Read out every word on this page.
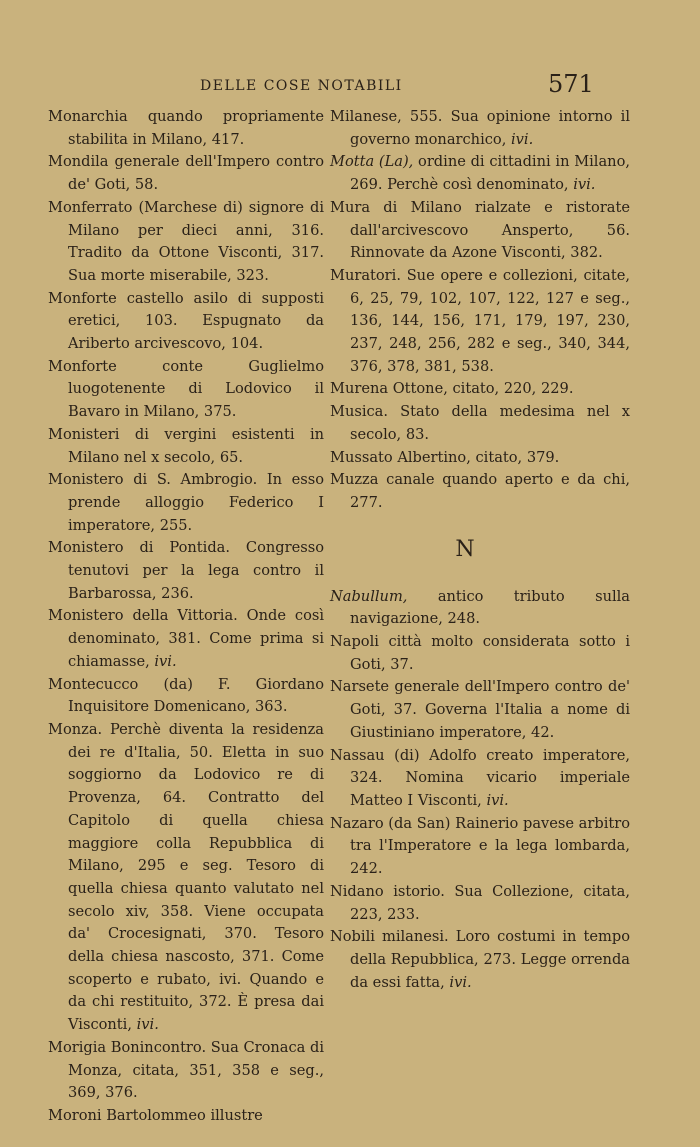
DELLE COSE NOTABILI	571
Monarchia quando propriamente stabilita in Milano, 417.
Mondila generale dell'Impero contro de' Goti, 58.
Monferrato (Marchese di) signore di Milano per dieci anni, 316. Tradito da Ottone Visconti, 317. Sua morte miserabile, 323.
Monforte castello asilo di supposti eretici, 103. Espugnato da Ariberto arcivescovo, 104.
Monforte	conte Guglielmo luogotenente di Lodovico il Bavaro in Milano, 375.
Monisteri di vergini esistenti in Milano nel x secolo, 65.
Monistero di S. Ambrogio. In esso prende alloggio Federico I imperatore, 255.
Monistero di Pontida. Congresso tenutovi per la lega contro il Barbarossa, 236.
Monistero della Vittoria. Onde così denominato, 381. Come prima si chiamasse, ivi.
Montecucco (da) F. Giordano Inquisitore Domenicano, 363.
Monza. Perchè diventa la residenza dei re d'Italia, 50. Eletta in suo soggiorno da Lodovico re di Provenza, 64. Contratto del Capitolo di quella chiesa maggiore colla Repubblica di Milano, 295 e seg. Tesoro di quella chiesa quanto valutato nel secolo xiv, 358. Viene occupata da' Crocesignati, 370. Tesoro della chiesa nascosto, 371. Come scoperto e rubato, ivi. Quando e da chi restituito, 372. È presa dai Visconti, ivi.
Morigia Bonincontro. Sua Cronaca di Monza, citata, 351, 358 e seg., 369, 376.
Moroni Bartolommeo illustre
Milanese, 555. Sua opinione intorno il governo monarchico, ivi.
Motta (La), ordine di cittadini in Milano, 269. Perchè così denominato, ivi.
Mura di Milano rialzate e ristorate dall'arcivescovo Ansperto, 56. Rinnovate da Azone Visconti, 382.
Muratori. Sue opere e collezioni, citate, 6, 25, 79, 102, 107, 122, 127 e seg., 136, 144, 156, 171, 179, 197, 230, 237, 248, 256, 282 e seg., 340, 344, 376, 378, 381, 538.
Murena Ottone, citato, 220, 229.
Musica. Stato della medesima nel x secolo, 83.
Mussato Albertino, citato, 379.
Muzza canale quando aperto e da chi, 277.
N
Nabullum, antico tributo sulla navigazione, 248.
Napoli città molto considerata sotto i Goti, 37.
Narsete generale dell'Impero contro de' Goti, 37. Governa l'Italia a nome di Giustiniano imperatore, 42.
Nassau (di) Adolfo creato imperatore, 324. Nomina vicario imperiale Matteo I Visconti, ivi.
Nazaro (da San) Rainerio pavese arbitro tra l'Imperatore e la lega lombarda, 242.
Nidano istorio. Sua Collezione, citata, 223, 233.
Nobili milanesi. Loro costumi in tempo della Repubblica, 273. Legge orrenda da essi fatta, ivi.
